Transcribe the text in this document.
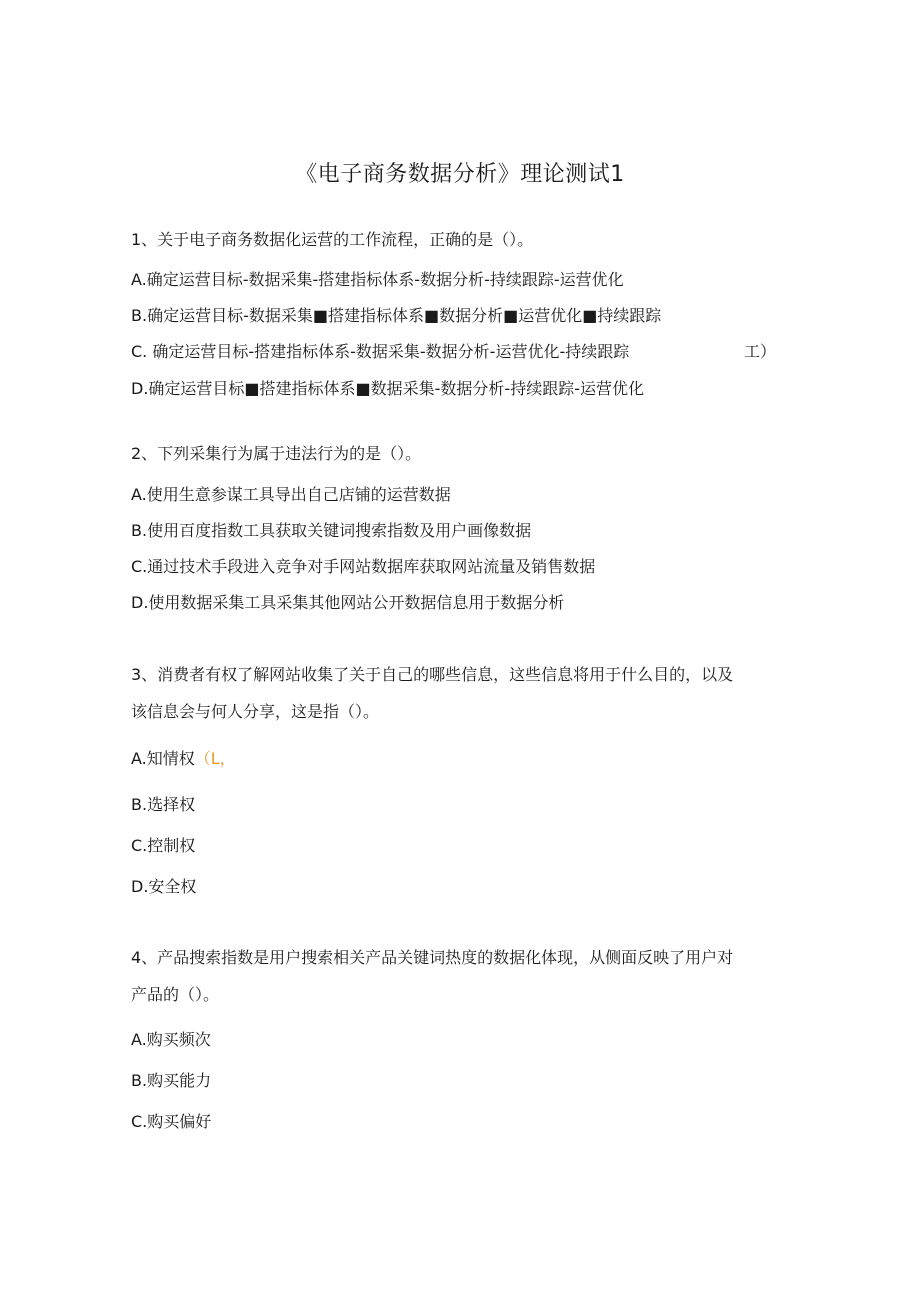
《电子商务数据分析》理论测试1
1、关于电子商务数据化运营的工作流程，正确的是（）。
A.确定运营目标-数据采集-搭建指标体系-数据分析-持续跟踪-运营优化
B.确定运营目标-数据采集■搭建指标体系■数据分析■运营优化■持续跟踪
C. 确定运营目标-搭建指标体系-数据采集-数据分析-运营优化-持续跟踪	工）
D.确定运营目标■搭建指标体系■数据采集-数据分析-持续跟踪-运营优化
2、下列采集行为属于违法行为的是（）。
A.使用生意参谋工具导出自己店铺的运营数据
B.使用百度指数工具获取关键词搜索指数及用户画像数据
C.通过技术手段进入竞争对手网站数据库获取网站流量及销售数据
D.使用数据采集工具采集其他网站公开数据信息用于数据分析
3、消费者有权了解网站收集了关于自己的哪些信息，这些信息将用于什么目的，以及
该信息会与何人分享，这是指（）。
A.知情权（L，
B.选择权
C.控制权
D.安全权
4、产品搜索指数是用户搜索相关产品关键词热度的数据化体现，从侧面反映了用户对
产品的（）。
A.购买频次
B.购买能力
C.购买偏好
